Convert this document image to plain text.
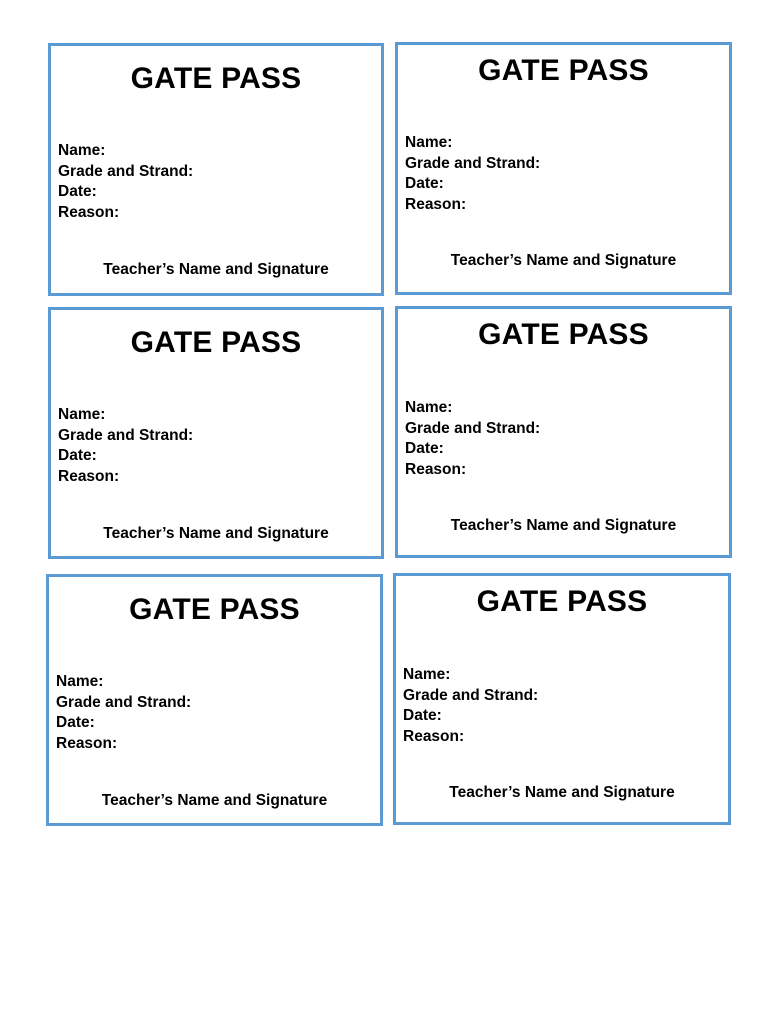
GATE PASS
Name:
Grade and Strand:
Date:
Reason:
Teacher’s Name and Signature
GATE PASS
Name:
Grade and Strand:
Date:
Reason:
Teacher’s Name and Signature
GATE PASS
Name:
Grade and Strand:
Date:
Reason:
Teacher’s Name and Signature
GATE PASS
Name:
Grade and Strand:
Date:
Reason:
Teacher’s Name and Signature
GATE PASS
Name:
Grade and Strand:
Date:
Reason:
Teacher’s Name and Signature
GATE PASS
Name:
Grade and Strand:
Date:
Reason:
Teacher’s Name and Signature
